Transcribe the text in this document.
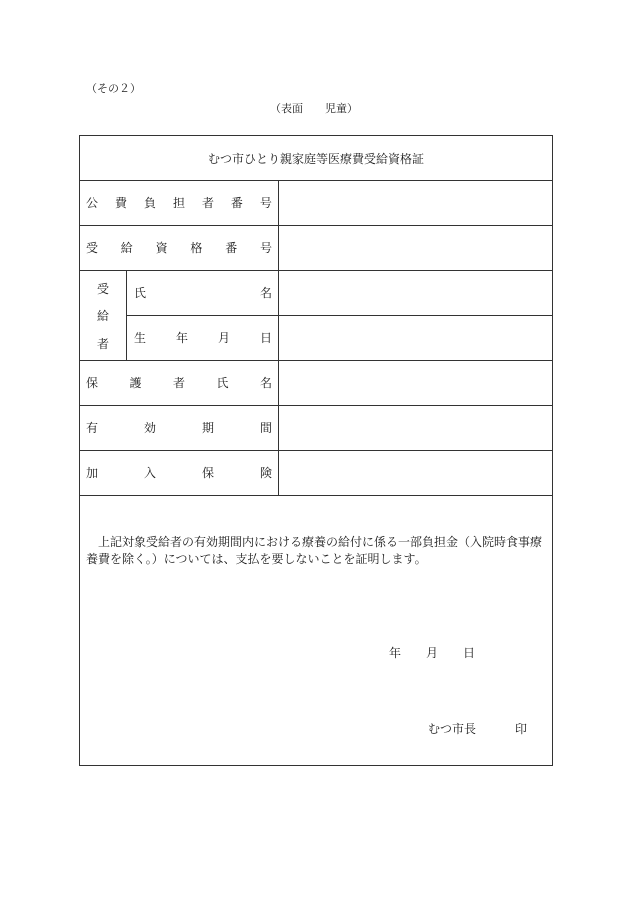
（その２）
（表面 児童）
むつ市ひとり親家庭等医療費受給資格証
公 費 負 担 者 番 号
受 給 資 格 番 号
受
給
者
氏	名
生 年 月 日
保	護	者	氏	名
有	効	期	間
加	入	保	険
上記対象受給者の有効期間内における療養の給付に係る一部負担金（入院時食事療養費を除く。）については、支払を要しないことを証明します。
年 月 日
むつ市長	印
